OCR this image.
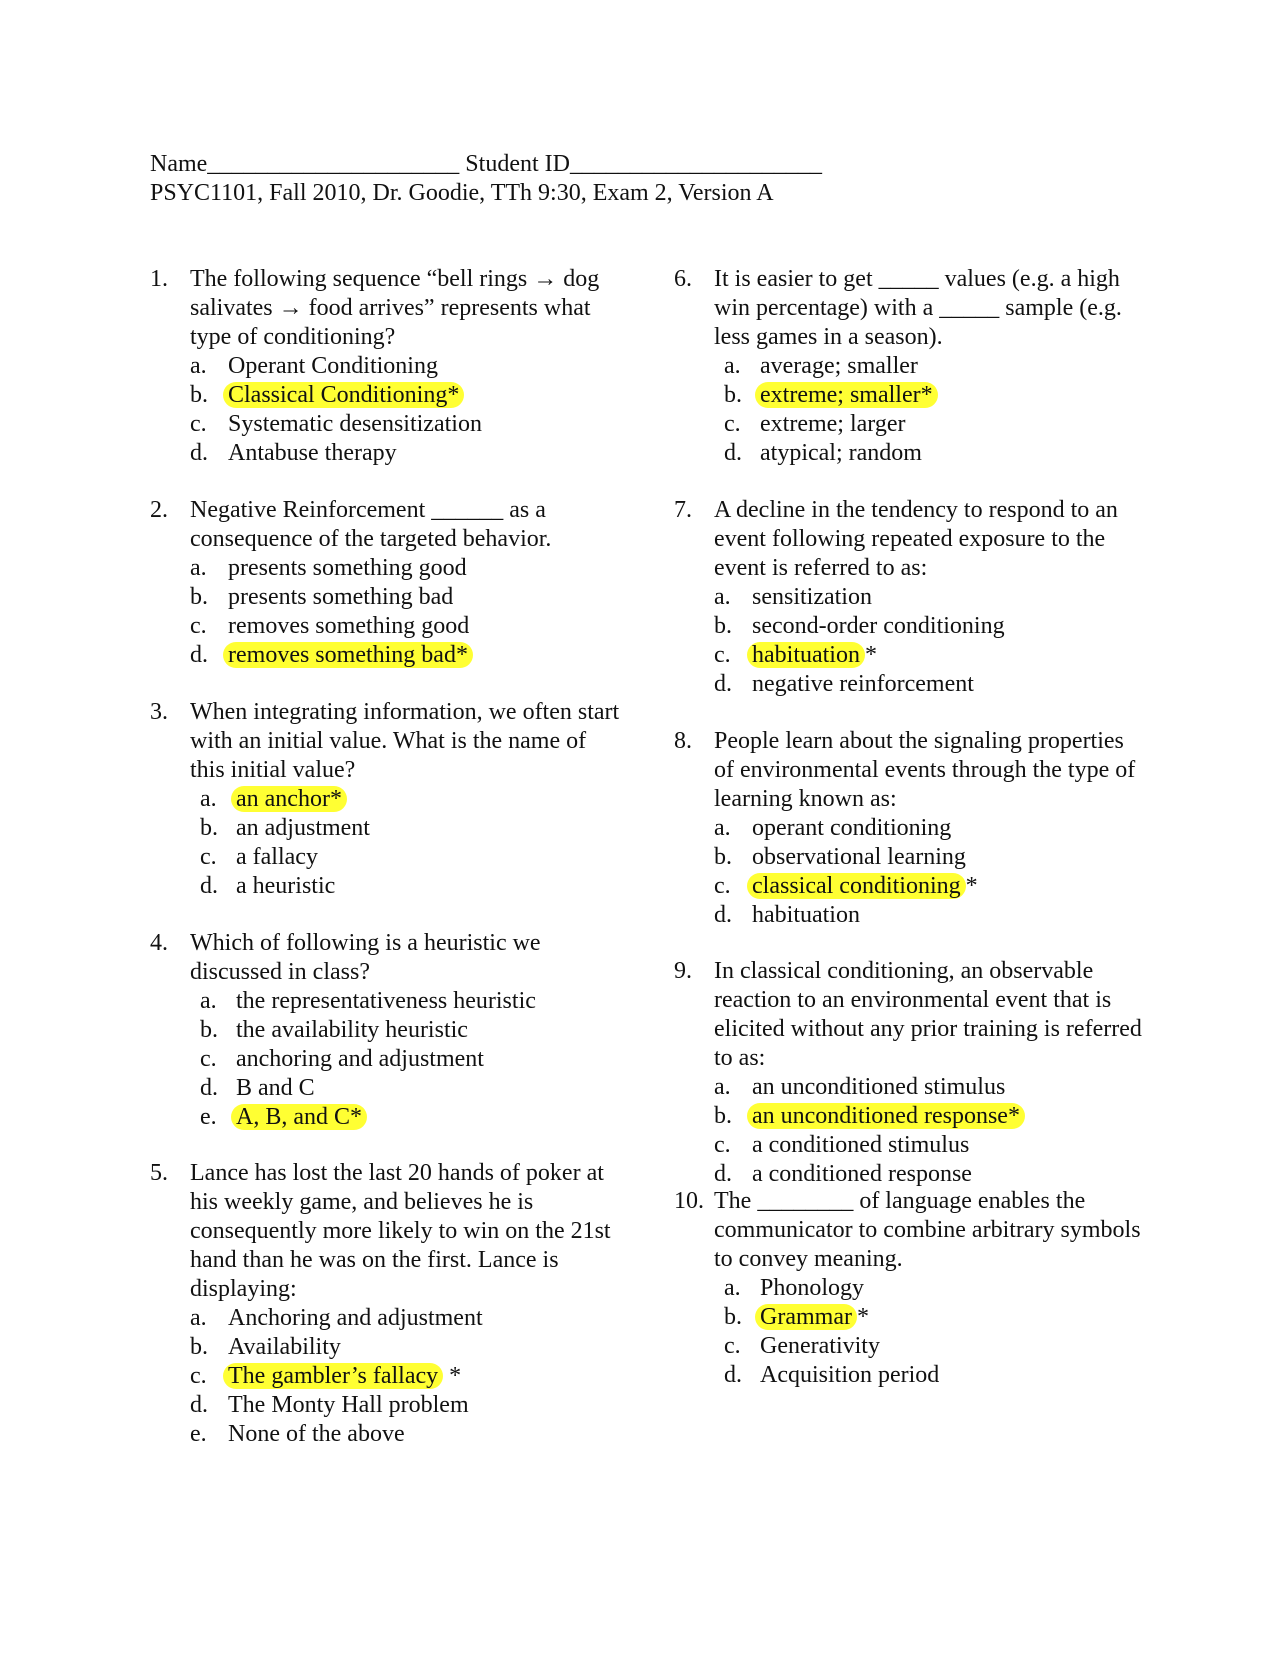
Name_____________________ Student ID_____________________
PSYC1101, Fall 2010, Dr. Goodie, TTh 9:30, Exam 2, Version A
1. The following sequence “bell rings → dog salivates → food arrives” represents what type of conditioning?
a. Operant Conditioning
b. Classical Conditioning*
c. Systematic desensitization
d. Antabuse therapy
2. Negative Reinforcement ______ as a consequence of the targeted behavior.
a. presents something good
b. presents something bad
c. removes something good
d. removes something bad*
3. When integrating information, we often start with an initial value. What is the name of this initial value?
a. an anchor*
b. an adjustment
c. a fallacy
d. a heuristic
4. Which of following is a heuristic we discussed in class?
a. the representativeness heuristic
b. the availability heuristic
c. anchoring and adjustment
d. B and C
e. A, B, and C*
5. Lance has lost the last 20 hands of poker at his weekly game, and believes he is consequently more likely to win on the 21st hand than he was on the first. Lance is displaying:
a. Anchoring and adjustment
b. Availability
c. The gambler’s fallacy *
d. The Monty Hall problem
e. None of the above
6. It is easier to get _____ values (e.g. a high win percentage) with a _____ sample (e.g. less games in a season).
a. average; smaller
b. extreme; smaller*
c. extreme; larger
d. atypical; random
7. A decline in the tendency to respond to an event following repeated exposure to the event is referred to as:
a. sensitization
b. second-order conditioning
c. habituation *
d. negative reinforcement
8. People learn about the signaling properties of environmental events through the type of learning known as:
a. operant conditioning
b. observational learning
c. classical conditioning *
d. habituation
9. In classical conditioning, an observable reaction to an environmental event that is elicited without any prior training is referred to as:
a. an unconditioned stimulus
b. an unconditioned response*
c. a conditioned stimulus
d. a conditioned response
10. The ________ of language enables the communicator to combine arbitrary symbols to convey meaning.
a. Phonology
b. Grammar *
c. Generativity
d. Acquisition period
